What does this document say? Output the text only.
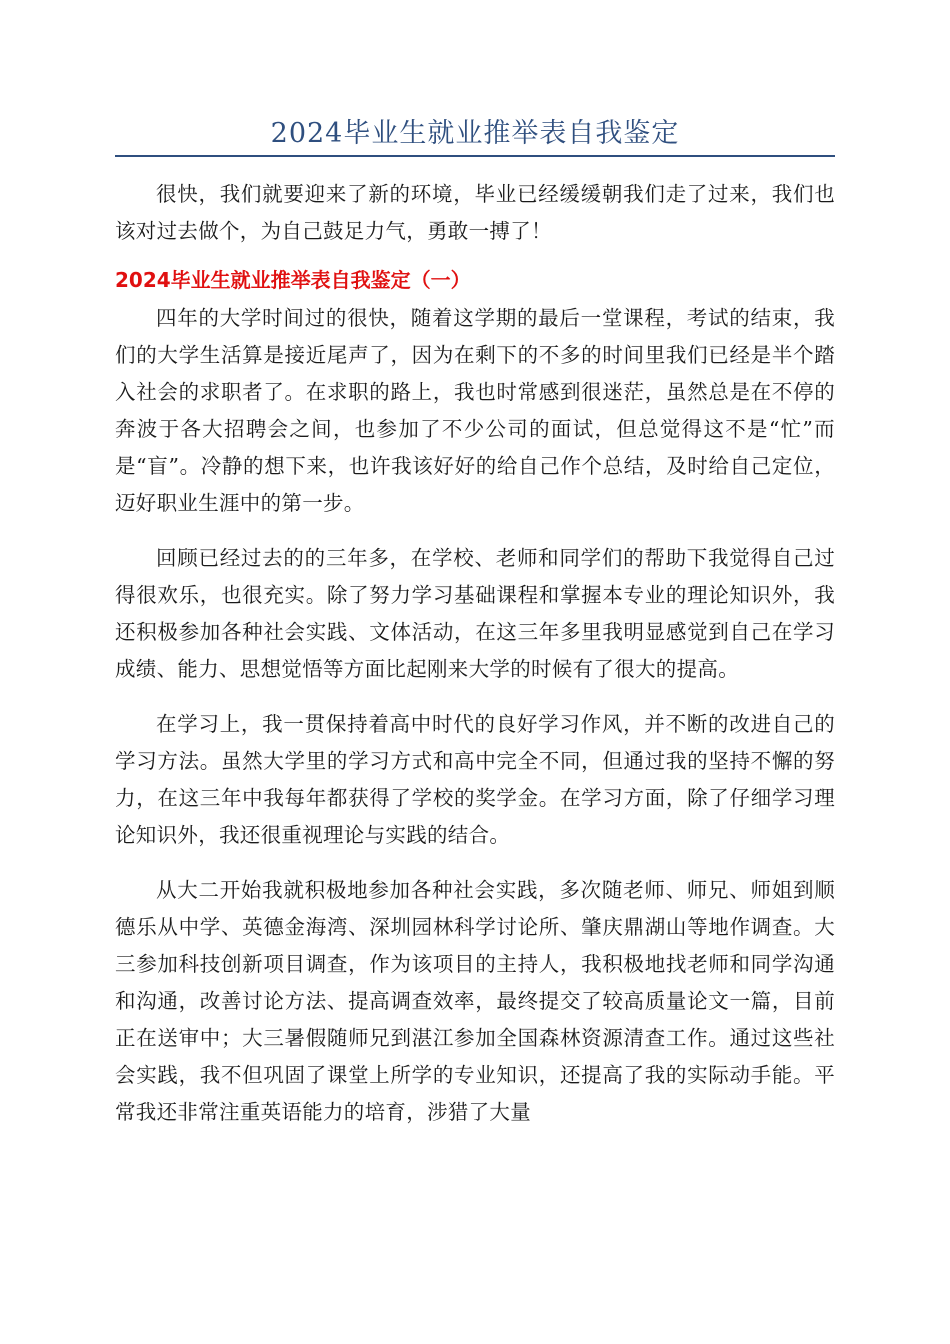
2024毕业生就业推举表自我鉴定

很快，我们就要迎来了新的环境，毕业已经缓缓朝我们走了过来，我们也该对过去做个，为自己鼓足力气，勇敢一搏了！

2024毕业生就业推举表自我鉴定（一）

四年的大学时间过的很快，随着这学期的最后一堂课程，考试的结束，我们的大学生活算是接近尾声了，因为在剩下的不多的时间里我们已经是半个踏入社会的求职者了。在求职的路上，我也时常感到很迷茫，虽然总是在不停的奔波于各大招聘会之间，也参加了不少公司的面试，但总觉得这不是“忙”而是“盲”。冷静的想下来，也许我该好好的给自己作个总结，及时给自己定位，迈好职业生涯中的第一步。

回顾已经过去的的三年多，在学校、老师和同学们的帮助下我觉得自己过得很欢乐，也很充实。除了努力学习基础课程和掌握本专业的理论知识外，我还积极参加各种社会实践、文体活动，在这三年多里我明显感觉到自己在学习成绩、能力、思想觉悟等方面比起刚来大学的时候有了很大的提高。

在学习上，我一贯保持着高中时代的良好学习作风，并不断的改进自己的学习方法。虽然大学里的学习方式和高中完全不同，但通过我的坚持不懈的努力，在这三年中我每年都获得了学校的奖学金。在学习方面，除了仔细学习理论知识外，我还很重视理论与实践的结合。

从大二开始我就积极地参加各种社会实践，多次随老师、师兄、师姐到顺德乐从中学、英德金海湾、深圳园林科学讨论所、肇庆鼎湖山等地作调查。大三参加科技创新项目调查，作为该项目的主持人，我积极地找老师和同学沟通和沟通，改善讨论方法、提高调查效率，最终提交了较高质量论文一篇，目前正在送审中；大三暑假随师兄到湛江参加全国森林资源清查工作。通过这些社会实践，我不但巩固了课堂上所学的专业知识，还提高了我的实际动手能。平常我还非常注重英语能力的培育，涉猎了大量
